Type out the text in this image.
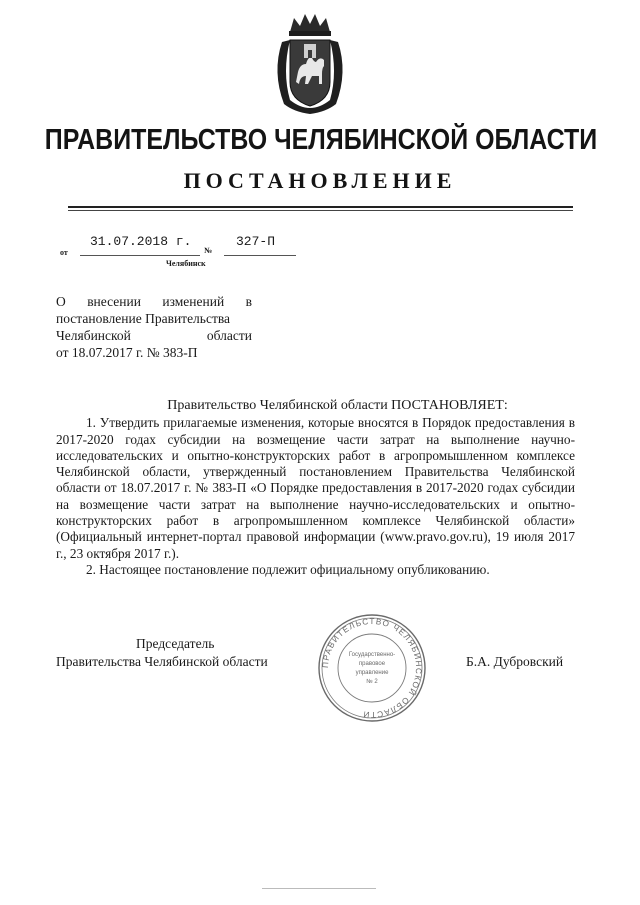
ПРАВИТЕЛЬСТВО ЧЕЛЯБИНСКОЙ ОБЛАСТИ
ПОСТАНОВЛЕНИЕ
от
31.07.2018 г.
№
327-П
Челябинск
О внесении изменений в
постановление Правительства
Челябинской	области
от 18.07.2017 г. № 383-П
Правительство Челябинской области ПОСТАНОВЛЯЕТ:

1. Утвердить прилагаемые изменения, которые вносятся в Порядок предоставления в 2017-2020 годах субсидии на возмещение части затрат на выполнение научно-исследовательских и опытно-конструкторских работ в агропромышленном комплексе Челябинской области, утвержденный постановлением Правительства Челябинской области от 18.07.2017 г. № 383-П «О Порядке предоставления в 2017-2020 годах субсидии на возмещение части затрат на выполнение научно-исследовательских и опытно-конструкторских работ в агропромышленном комплексе Челябинской области» (Официальный интернет-портал правовой информации (www.pravo.gov.ru), 19 июля 2017 г., 23 октября 2017 г.).

2. Настоящее постановление подлежит официальному опубликованию.

Председатель
Правительства Челябинской области	Б.А. Дубровский
ПРАВИТЕЛЬСТВО ЧЕЛЯБИНСКОЙ ОБЛАСТИ
Государственно-
правовое
управление
№ 2
